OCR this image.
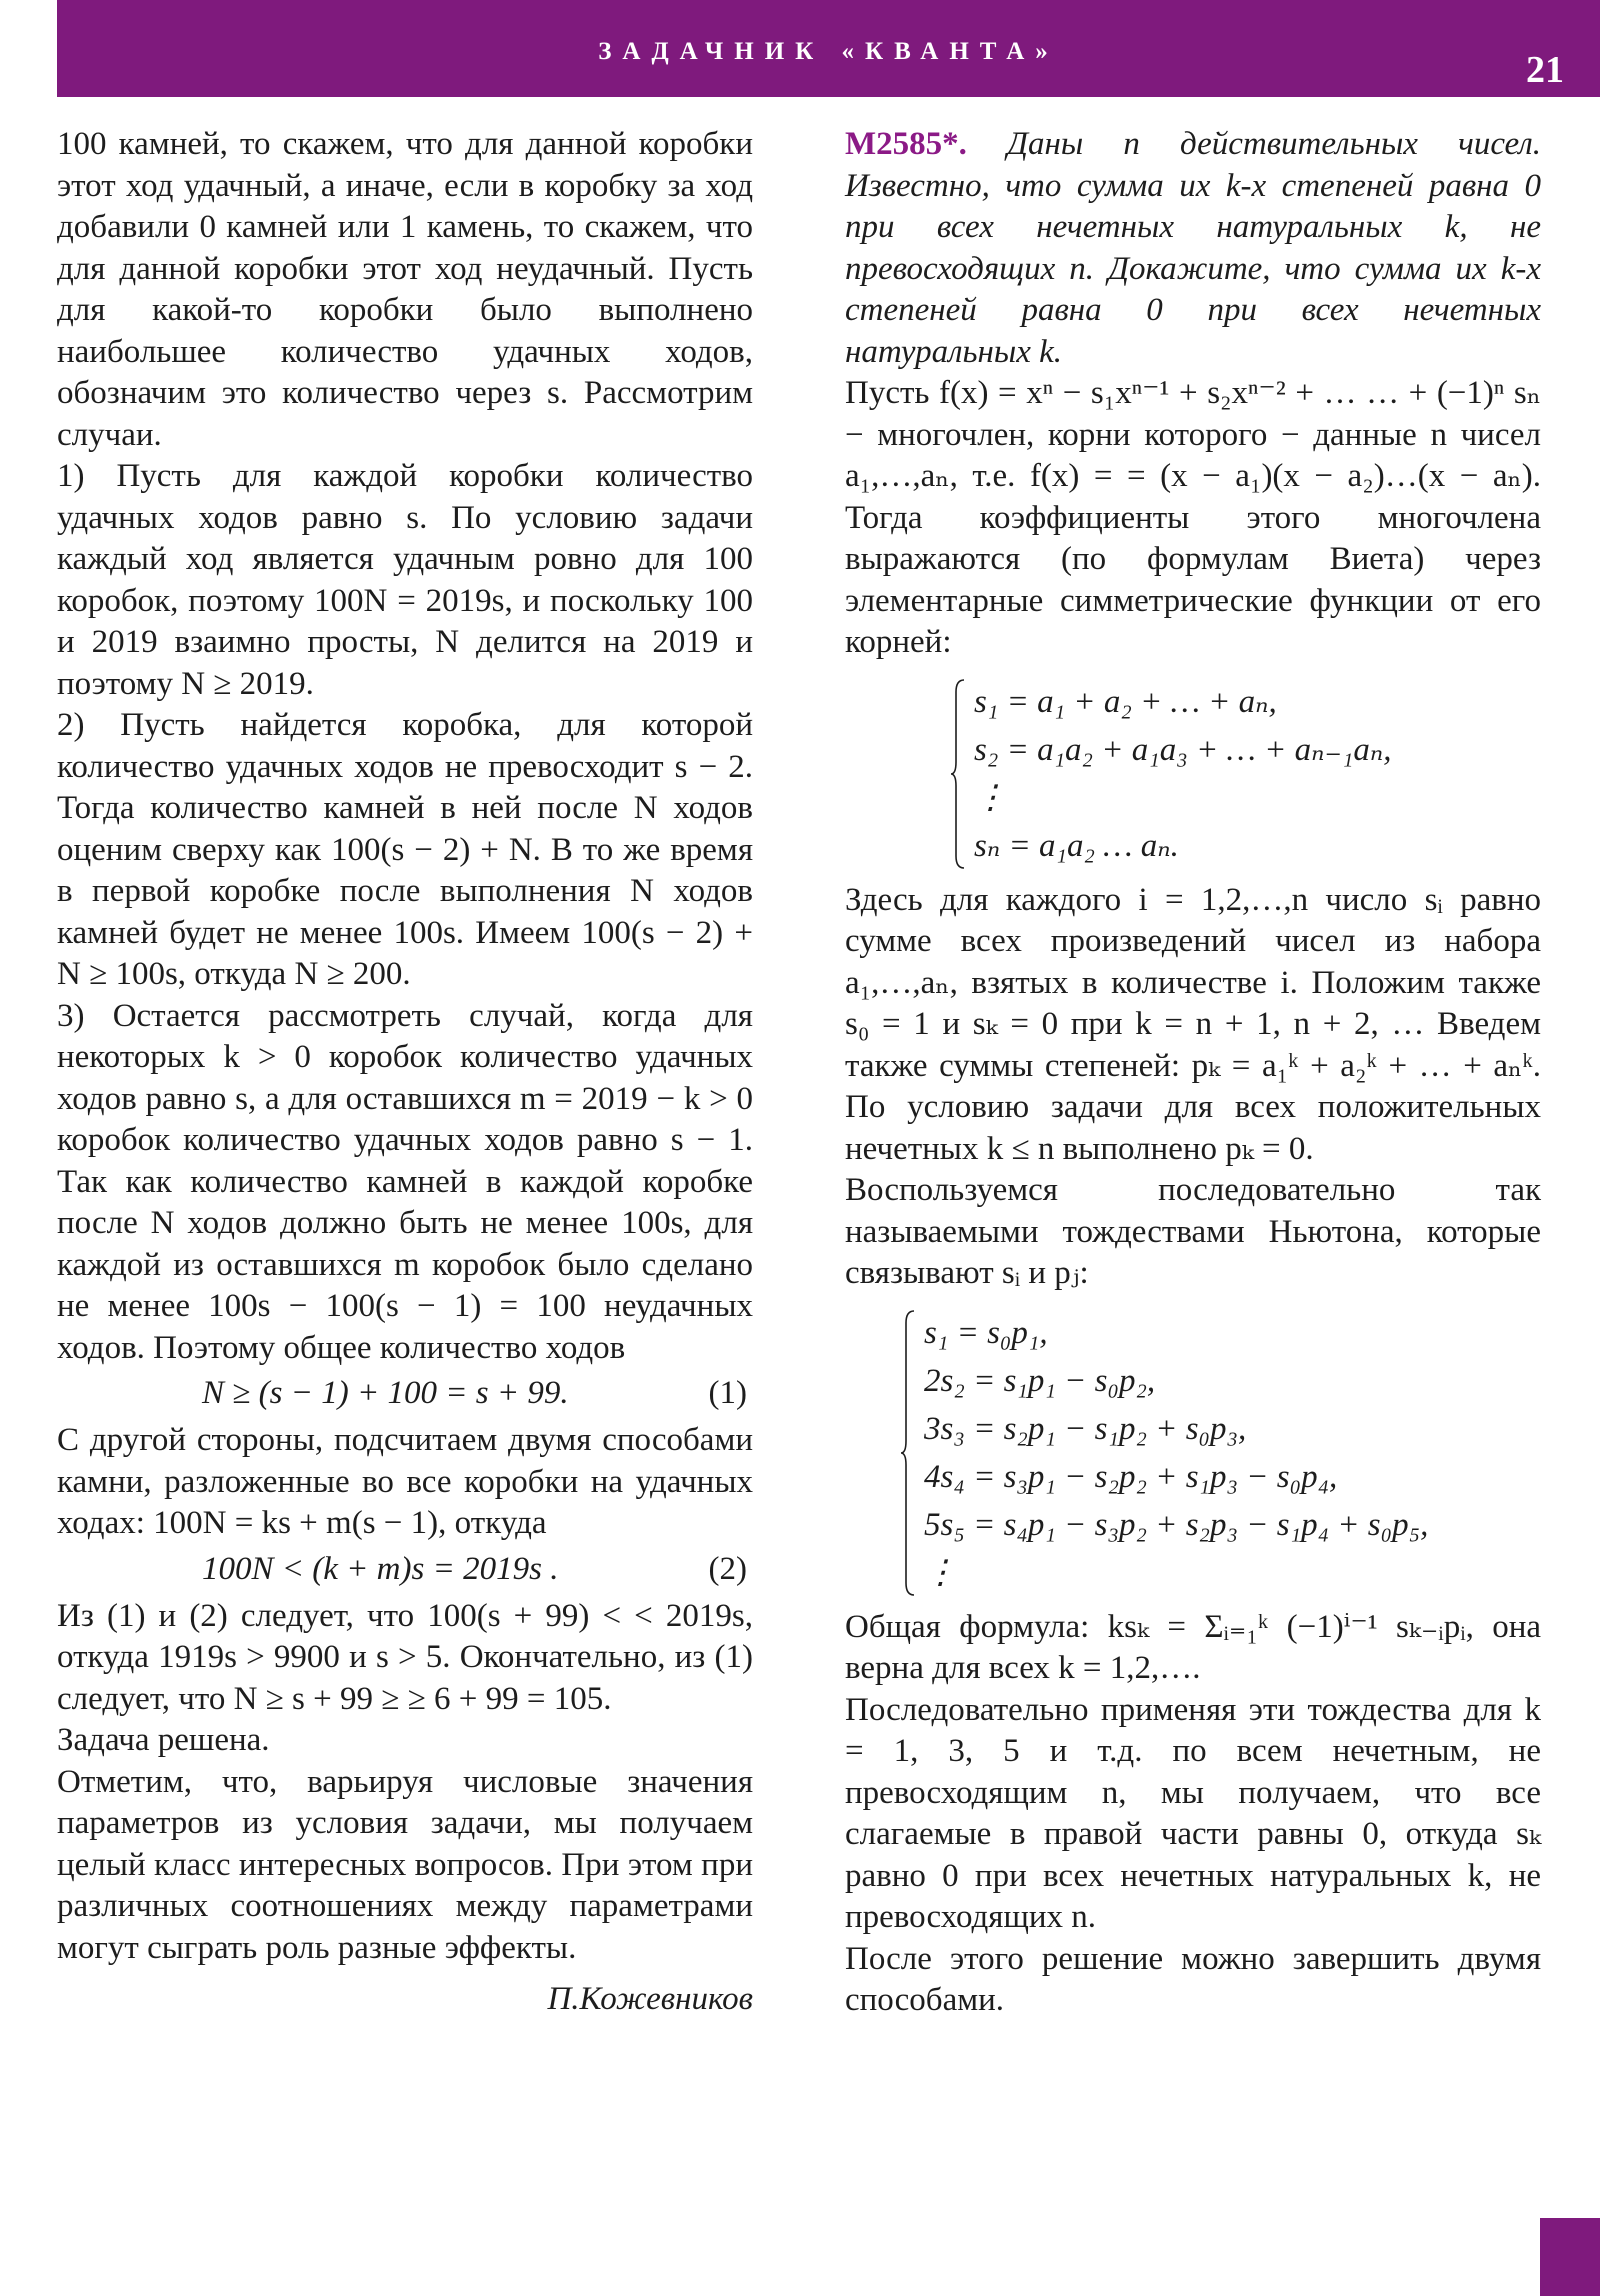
ЗАДАЧНИК «КВАНТА»	21

100 камней, то скажем, что для данной коробки этот ход удачный, а иначе, если в коробку за ход добавили 0 камней или 1 камень, то скажем, что для данной коробки этот ход неудачный. Пусть для какой-то коробки было выполнено наибольшее количество удачных ходов, обозначим это количество через s. Рассмотрим случаи.

1) Пусть для каждой коробки количество удачных ходов равно s. По условию задачи каждый ход является удачным ровно для 100 коробок, поэтому 100N = 2019s, и поскольку 100 и 2019 взаимно просты, N делится на 2019 и поэтому N ≥ 2019.

2) Пусть найдется коробка, для которой количество удачных ходов не превосходит s − 2. Тогда количество камней в ней после N ходов оценим сверху как 100(s − 2) + N. В то же время в первой коробке после выполнения N ходов камней будет не менее 100s. Имеем 100(s − 2) + N ≥ 100s, откуда N ≥ 200.

3) Остается рассмотреть случай, когда для некоторых k > 0 коробок количество удачных ходов равно s, а для оставшихся m = 2019 − k > 0 коробок количество удачных ходов равно s − 1. Так как количество камней в каждой коробке после N ходов должно быть не менее 100s, для каждой из оставшихся m коробок было сделано не менее 100s − 100(s − 1) = 100 неудачных ходов. Поэтому общее количество ходов

N ≥ (s − 1) + 100 = s + 99.	(1)

С другой стороны, подсчитаем двумя способами камни, разложенные во все коробки на удачных ходах: 100N = ks + m(s − 1), откуда

100N < (k + m)s = 2019s .	(2)

Из (1) и (2) следует, что 100(s + 99) < < 2019s, откуда 1919s > 9900 и s > 5. Окончательно, из (1) следует, что N ≥ s + 99 ≥ ≥ 6 + 99 = 105.

Задача решена.

Отметим, что, варьируя числовые значения параметров из условия задачи, мы получаем целый класс интересных вопросов. При этом при различных соотношениях между параметрами могут сыграть роль разные эффекты.

П.Кожевников

М2585*. Даны n действительных чисел. Известно, что сумма их k-х степеней равна 0 при всех нечетных натуральных k, не превосходящих n. Докажите, что сумма их k-х степеней равна 0 при всех нечетных натуральных k.

Пусть f(x) = xⁿ − s₁xⁿ⁻¹ + s₂xⁿ⁻² + … … + (−1)ⁿ sₙ − многочлен, корни которого − данные n чисел a₁,…,aₙ, т.е. f(x) = = (x − a₁)(x − a₂)…(x − aₙ). Тогда коэффициенты этого многочлена выражаются (по формулам Виета) через элементарные симметрические функции от его корней:

s₁ = a₁ + a₂ + … + aₙ,
s₂ = a₁a₂ + a₁a₃ + … + aₙ₋₁aₙ,
⋮
sₙ = a₁a₂ … aₙ.

Здесь для каждого i = 1,2,…,n число sᵢ равно сумме всех произведений чисел из набора a₁,…,aₙ, взятых в количестве i. Положим также s₀ = 1 и sₖ = 0 при k = n + 1, n + 2, … Введем также суммы степеней: pₖ = a₁ᵏ + a₂ᵏ + … + aₙᵏ. По условию задачи для всех положительных нечетных k ≤ n выполнено pₖ = 0.

Воспользуемся последовательно так называемыми тождествами Ньютона, которые связывают sᵢ и pⱼ:

s₁ = s₀p₁,
2s₂ = s₁p₁ − s₀p₂,
3s₃ = s₂p₁ − s₁p₂ + s₀p₃,
4s₄ = s₃p₁ − s₂p₂ + s₁p₃ − s₀p₄,
5s₅ = s₄p₁ − s₃p₂ + s₂p₃ − s₁p₄ + s₀p₅,
⋮

Общая формула: ksₖ = Σᵢ₌₁ᵏ (−1)ⁱ⁻¹ sₖ₋ᵢpᵢ, она верна для всех k = 1,2,….

Последовательно применяя эти тождества для k = 1, 3, 5 и т.д. по всем нечетным, не превосходящим n, мы получаем, что все слагаемые в правой части равны 0, откуда sₖ равно 0 при всех нечетных натуральных k, не превосходящих n.

После этого решение можно завершить двумя способами.
